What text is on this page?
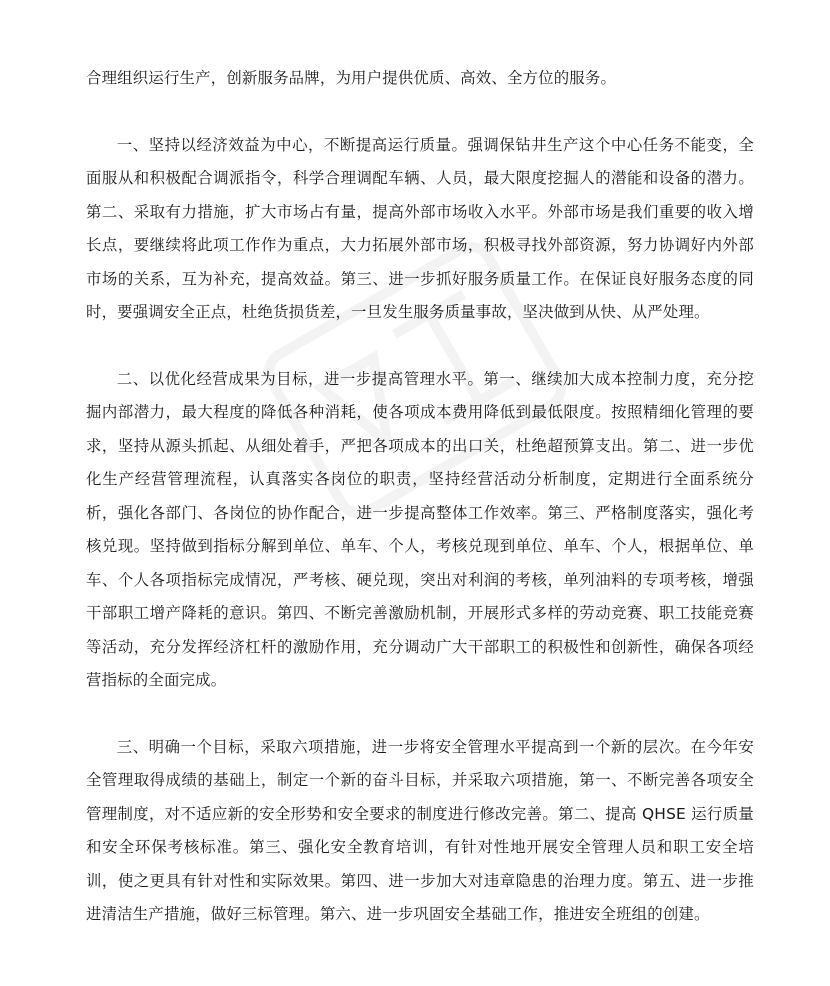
合理组织运行生产，创新服务品牌，为用户提供优质、高效、全方位的服务。

一、坚持以经济效益为中心，不断提高运行质量。强调保钻井生产这个中心任务不能变，全面服从和积极配合调派指令，科学合理调配车辆、人员，最大限度挖掘人的潜能和设备的潜力。第二、采取有力措施，扩大市场占有量，提高外部市场收入水平。外部市场是我们重要的收入增长点，要继续将此项工作作为重点，大力拓展外部市场，积极寻找外部资源，努力协调好内外部市场的关系，互为补充，提高效益。第三、进一步抓好服务质量工作。在保证良好服务态度的同时，要强调安全正点，杜绝货损货差，一旦发生服务质量事故，坚决做到从快、从严处理。

二、以优化经营成果为目标，进一步提高管理水平。第一、继续加大成本控制力度，充分挖掘内部潜力，最大程度的降低各种消耗，使各项成本费用降低到最低限度。按照精细化管理的要求，坚持从源头抓起、从细处着手，严把各项成本的出口关，杜绝超预算支出。第二、进一步优化生产经营管理流程，认真落实各岗位的职责，坚持经营活动分析制度，定期进行全面系统分析，强化各部门、各岗位的协作配合，进一步提高整体工作效率。第三、严格制度落实，强化考核兑现。坚持做到指标分解到单位、单车、个人，考核兑现到单位、单车、个人，根据单位、单车、个人各项指标完成情况，严考核、硬兑现，突出对利润的考核，单列油料的专项考核，增强干部职工增产降耗的意识。第四、不断完善激励机制，开展形式多样的劳动竞赛、职工技能竞赛等活动，充分发挥经济杠杆的激励作用，充分调动广大干部职工的积极性和创新性，确保各项经营指标的全面完成。

三、明确一个目标，采取六项措施，进一步将安全管理水平提高到一个新的层次。在今年安全管理取得成绩的基础上，制定一个新的奋斗目标，并采取六项措施，第一、不断完善各项安全管理制度，对不适应新的安全形势和安全要求的制度进行修改完善。第二、提高 QHSE 运行质量和安全环保考核标准。第三、强化安全教育培训，有针对性地开展安全管理人员和职工安全培训，使之更具有针对性和实际效果。第四、进一步加大对违章隐患的治理力度。第五、进一步推进清洁生产措施，做好三标管理。第六、进一步巩固安全基础工作，推进安全班组的创建。
